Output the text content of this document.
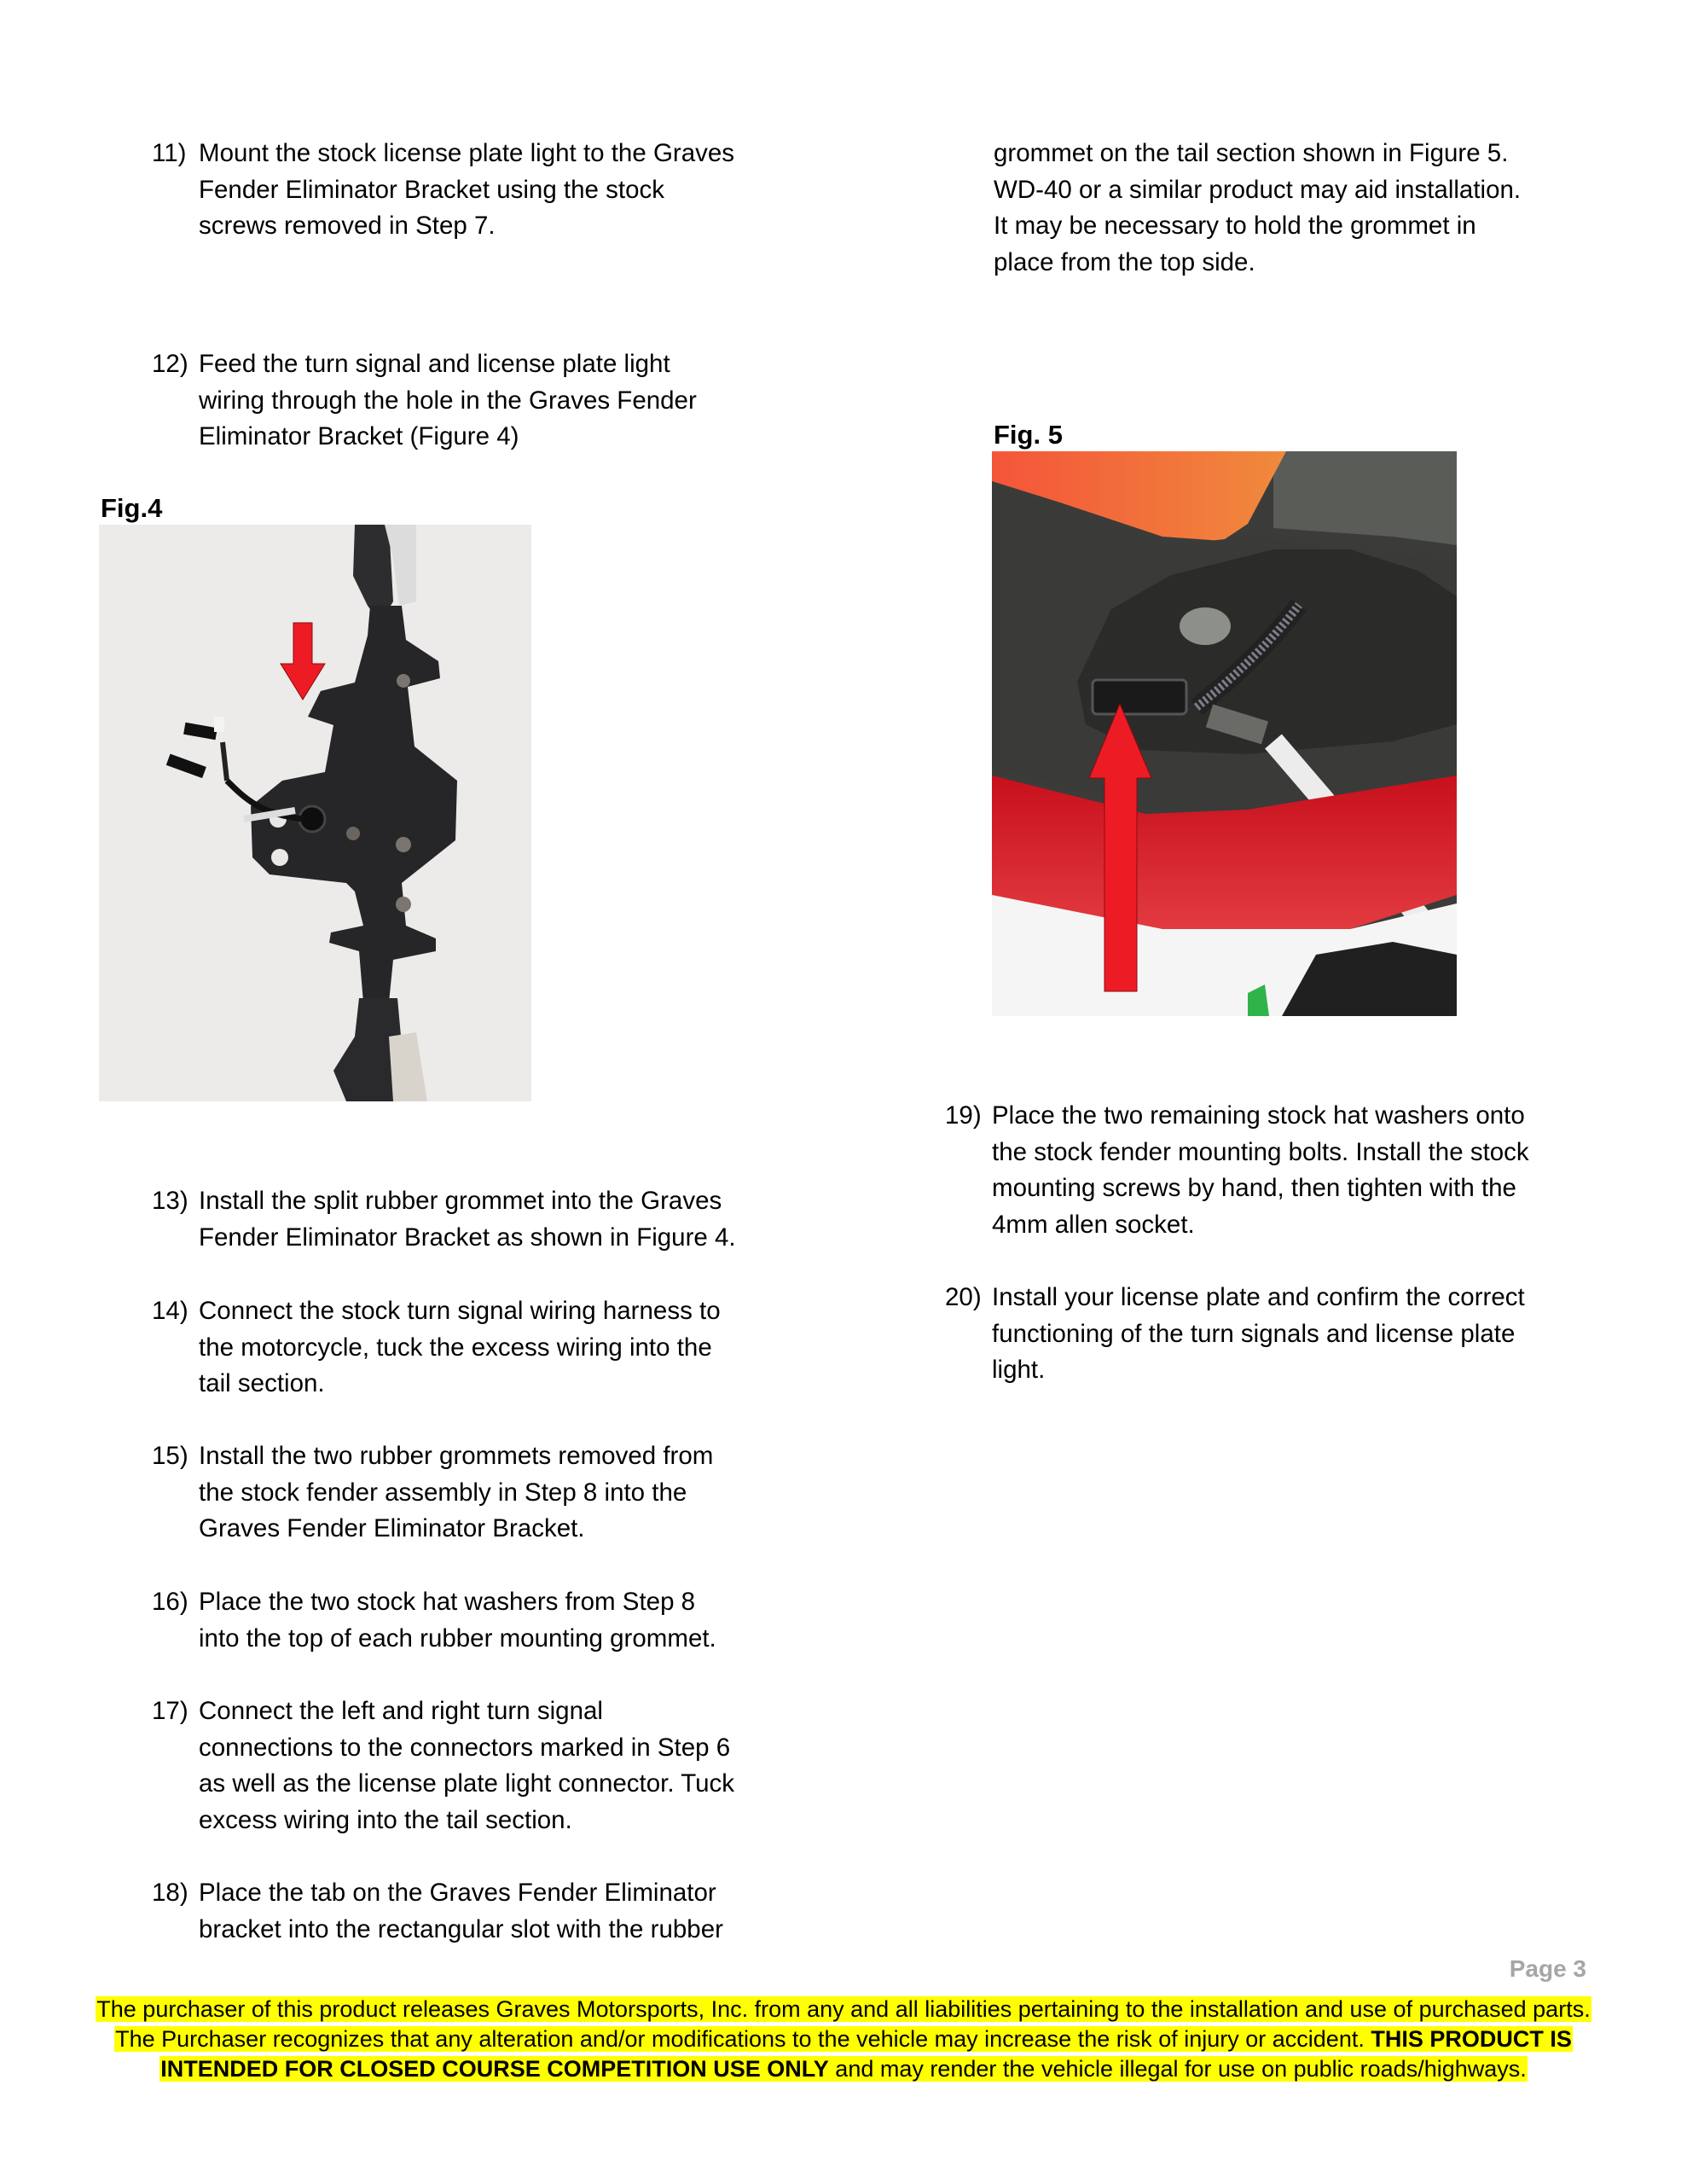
11) Mount the stock license plate light to the Graves
Fender Eliminator Bracket using the stock
screws removed in Step 7.
12) Feed the turn signal and license plate light
wiring through the hole in the Graves Fender
Eliminator Bracket (Figure 4)
Fig.4
13) Install the split rubber grommet into the Graves
Fender Eliminator Bracket as shown in Figure 4.
14) Connect the stock turn signal wiring harness to
the motorcycle, tuck the excess wiring into the
tail section.
15) Install the two rubber grommets removed from
the stock fender assembly in Step 8 into the
Graves Fender Eliminator Bracket.
16) Place the two stock hat washers from Step 8
into the top of each rubber mounting grommet.
17) Connect the left and right turn signal
connections to the connectors marked in Step 6
as well as the license plate light connector. Tuck
excess wiring into the tail section.
18) Place the tab on the Graves Fender Eliminator
bracket into the rectangular slot with the rubber
grommet on the tail section shown in Figure 5.
WD-40 or a similar product may aid installation.
It may be necessary to hold the grommet in
place from the top side.
Fig. 5
19) Place the two remaining stock hat washers onto
the stock fender mounting bolts. Install the stock
mounting screws by hand, then tighten with the
4mm allen socket.
20) Install your license plate and confirm the correct
functioning of the turn signals and license plate
light.
Page 3
The purchaser of this product releases Graves Motorsports, Inc. from any and all liabilities pertaining to the installation and use of purchased parts.
The Purchaser recognizes that any alteration and/or modifications to the vehicle may increase the risk of injury or accident. THIS PRODUCT IS
INTENDED FOR CLOSED COURSE COMPETITION USE ONLY and may render the vehicle illegal for use on public roads/highways.
